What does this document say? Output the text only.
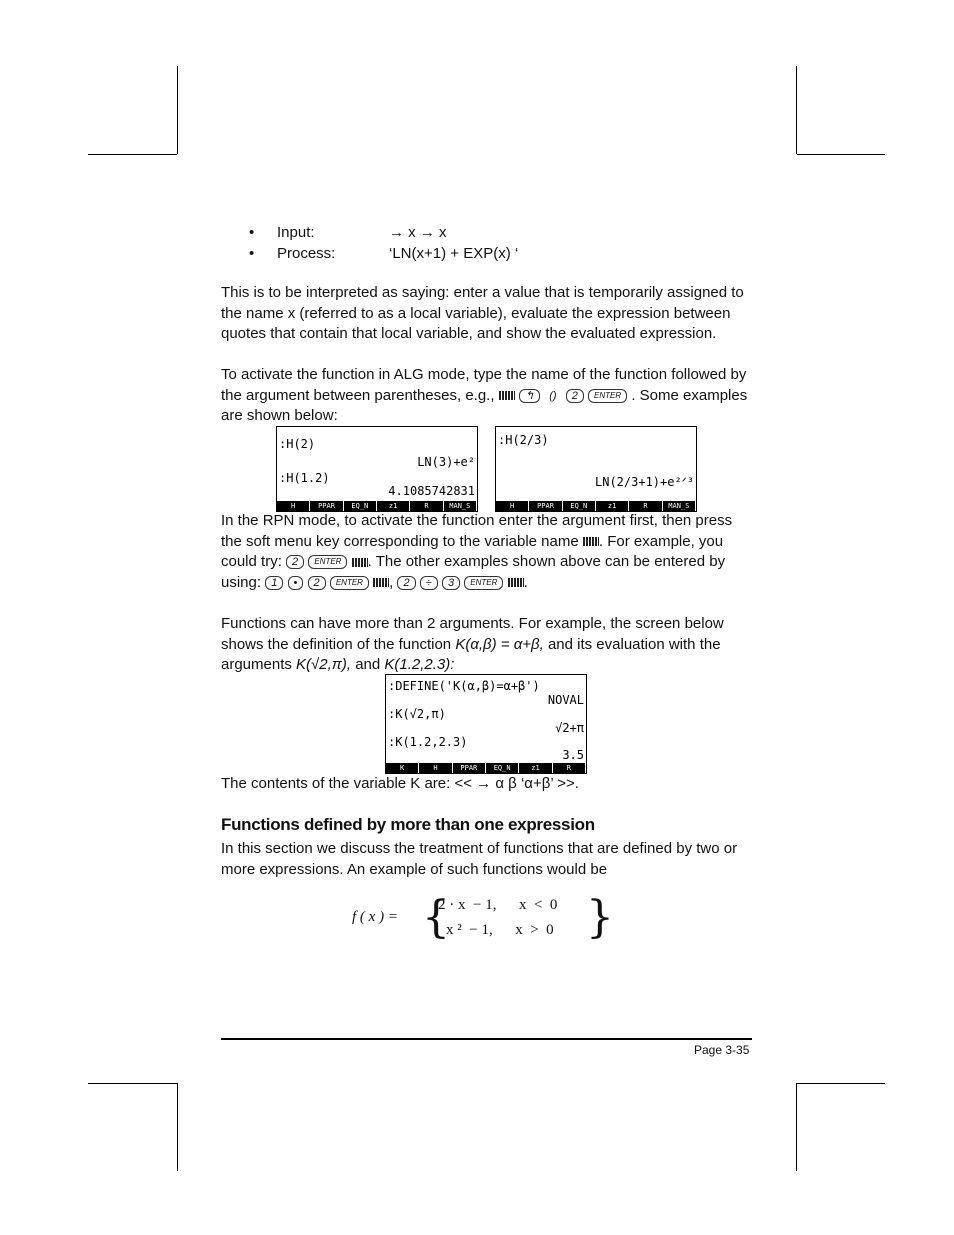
• Input:	→ x → x
• Process:	‘LN(x+1) + EXP(x) ‘

This is to be interpreted as saying: enter a value that is temporarily assigned to the name x (referred to as a local variable), evaluate the expression between quotes that contain that local variable, and show the evaluated expression.

To activate the function in ALG mode, type the name of the function followed by the argument between parentheses, e.g.,	↰ () 2 ENTER . Some examples are shown below:

:H(2)
LN(3)+e²
:H(1.2)
4.1085742831
H	PPAR	EQ̲N	z1	R	MAN̲S
:H(2/3)
LN(2/3+1)+e²ᐟ³
H	PPAR	EQ̲N	z1	R	MAN̲S

In the RPN mode, to activate the function enter the argument first, then press the soft menu key corresponding to the variable name . For example, you could try: 2 ENTER . The other examples shown above can be entered by using: 1 • 2 ENTER , 2 ÷ 3 ENTER .

Functions can have more than 2 arguments. For example, the screen below shows the definition of the function K(α,β) = α+β, and its evaluation with the arguments K(√2,π), and K(1.2,2.3):

:DEFINE('K(α,β)=α+β')
NOVAL
:K(√2,π)
√2+π
:K(1.2,2.3)
3.5
K	H	PPAR	EQ̲N	z1	R

The contents of the variable K are: << → α β ‘α+β’ >>.

Functions defined by more than one expression

In this section we discuss the treatment of functions that are defined by two or more expressions. An example of such functions would be

f ( x ) = {
2 · x  − 1,      x  <  0
x ²  − 1,      x  >  0 }
Page 3-35
